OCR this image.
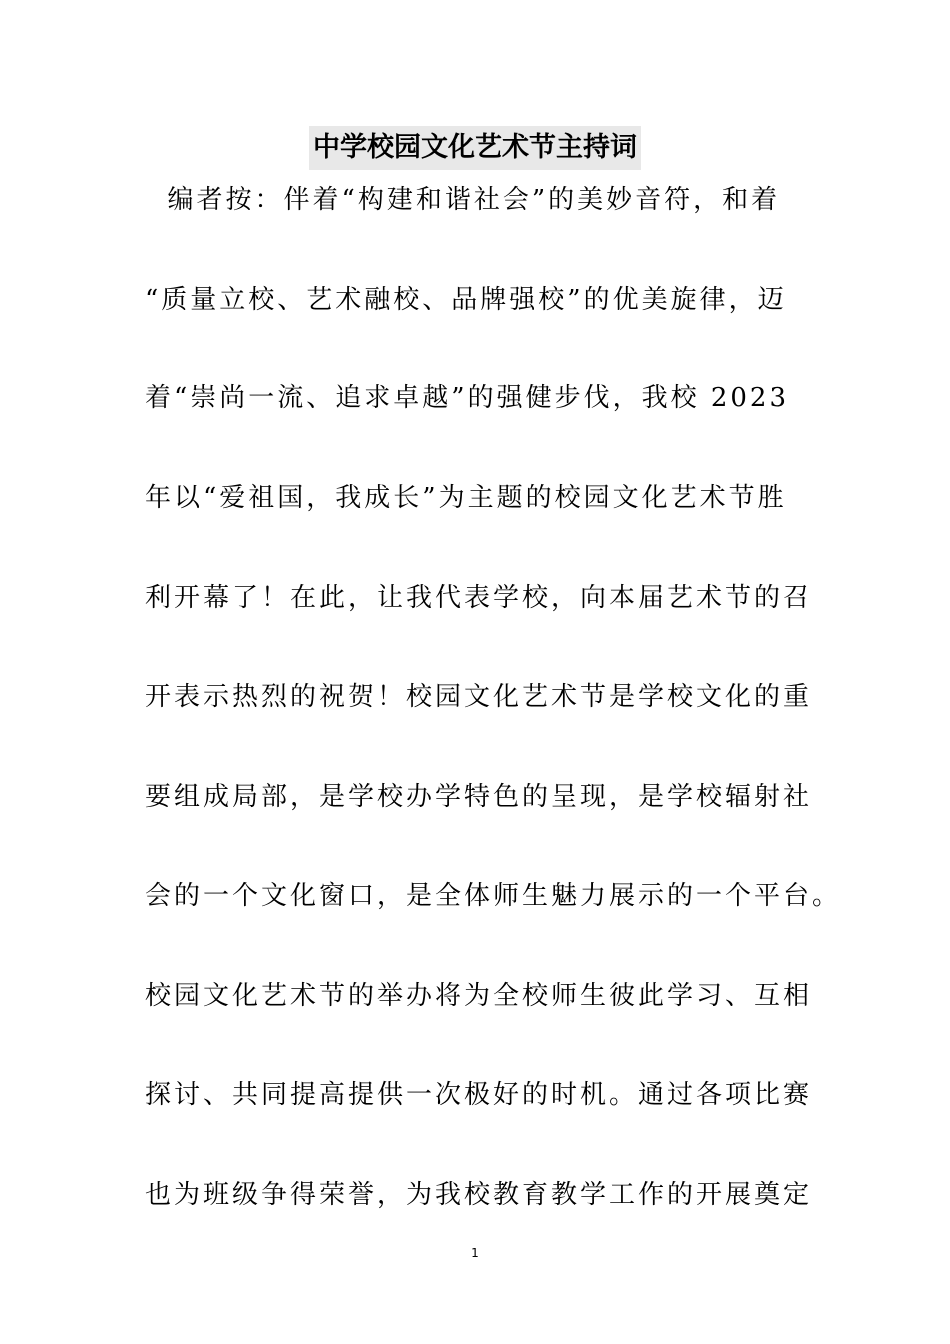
中学校园文化艺术节主持词
编者按：伴着“构建和谐社会”的美妙音符，和着
“质量立校、艺术融校、品牌强校”的优美旋律，迈
着“崇尚一流、追求卓越”的强健步伐，我校 2023
年以“爱祖国，我成长”为主题的校园文化艺术节胜
利开幕了！在此，让我代表学校，向本届艺术节的召
开表示热烈的祝贺！校园文化艺术节是学校文化的重
要组成局部，是学校办学特色的呈现，是学校辐射社
会的一个文化窗口，是全体师生魅力展示的一个平台。
校园文化艺术节的举办将为全校师生彼此学习、互相
探讨、共同提高提供一次极好的时机。通过各项比赛
也为班级争得荣誉，为我校教育教学工作的开展奠定
1
